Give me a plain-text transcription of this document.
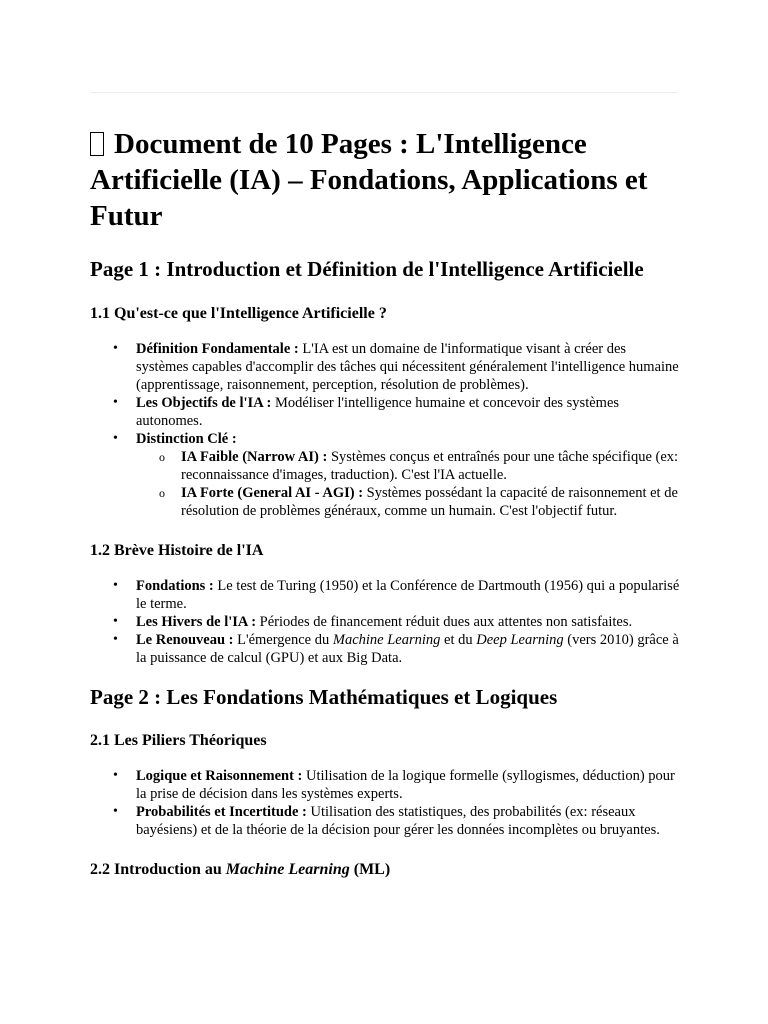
Document de 10 Pages : L'Intelligence Artificielle (IA) – Fondations, Applications et Futur
Page 1 : Introduction et Définition de l'Intelligence Artificielle
1.1 Qu'est-ce que l'Intelligence Artificielle ?
• Définition Fondamentale : L'IA est un domaine de l'informatique visant à créer des systèmes capables d'accomplir des tâches qui nécessitent généralement l'intelligence humaine (apprentissage, raisonnement, perception, résolution de problèmes).
• Les Objectifs de l'IA : Modéliser l'intelligence humaine et concevoir des systèmes autonomes.
• Distinction Clé :
o IA Faible (Narrow AI) : Systèmes conçus et entraînés pour une tâche spécifique (ex: reconnaissance d'images, traduction). C'est l'IA actuelle.
o IA Forte (General AI - AGI) : Systèmes possédant la capacité de raisonnement et de résolution de problèmes généraux, comme un humain. C'est l'objectif futur.
1.2 Brève Histoire de l'IA
• Fondations : Le test de Turing (1950) et la Conférence de Dartmouth (1956) qui a popularisé le terme.
• Les Hivers de l'IA : Périodes de financement réduit dues aux attentes non satisfaites.
• Le Renouveau : L'émergence du Machine Learning et du Deep Learning (vers 2010) grâce à la puissance de calcul (GPU) et aux Big Data.
Page 2 : Les Fondations Mathématiques et Logiques
2.1 Les Piliers Théoriques
• Logique et Raisonnement : Utilisation de la logique formelle (syllogismes, déduction) pour la prise de décision dans les systèmes experts.
• Probabilités et Incertitude : Utilisation des statistiques, des probabilités (ex: réseaux bayésiens) et de la théorie de la décision pour gérer les données incomplètes ou bruyantes.
2.2 Introduction au Machine Learning (ML)
